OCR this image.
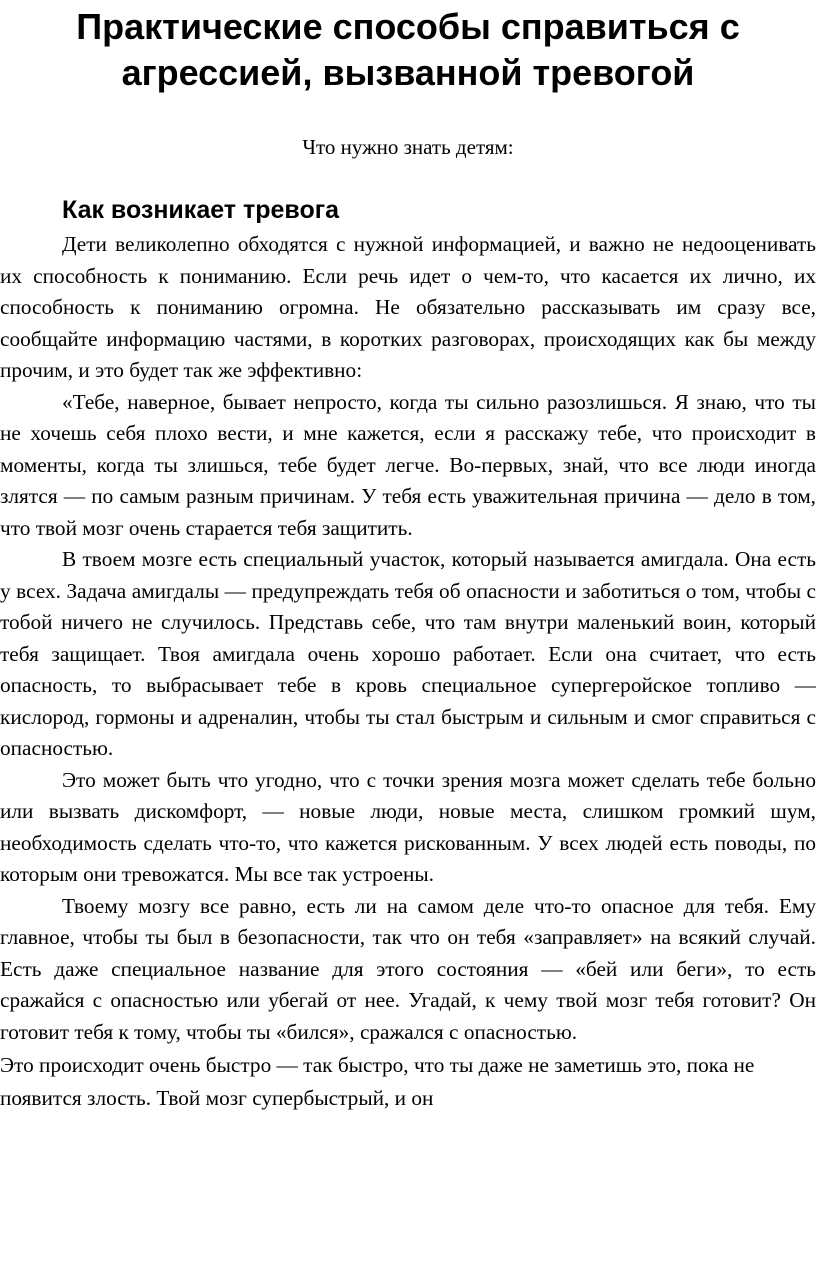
Практические способы справиться с
агрессией, вызванной тревогой
Что нужно знать детям:
Как возникает тревога

Дети великолепно обходятся с нужной информацией, и важно не недооценивать их способность к пониманию. Если речь идет о чем-то, что касается их лично, их способность к пониманию огромна. Не обязательно рассказывать им сразу все, сообщайте информацию частями, в коротких разговорах, происходящих как бы между прочим, и это будет так же эффективно:

«Тебе, наверное, бывает непросто, когда ты сильно разозлишься. Я знаю, что ты не хочешь себя плохо вести, и мне кажется, если я расскажу тебе, что происходит в моменты, когда ты злишься, тебе будет легче. Во-первых, знай, что все люди иногда злятся — по самым разным причинам. У тебя есть уважительная причина — дело в том, что твой мозг очень старается тебя защитить.

В твоем мозге есть специальный участок, который называется амигдала. Она есть у всех. Задача амигдалы — предупреждать тебя об опасности и заботиться о том, чтобы с тобой ничего не случилось. Представь себе, что там внутри маленький воин, который тебя защищает. Твоя амигдала очень хорошо работает. Если она считает, что есть опасность, то выбрасывает тебе в кровь специальное супергеройское топливо — кислород, гормоны и адреналин, чтобы ты стал быстрым и сильным и смог справиться с опасностью.

Это может быть что угодно, что с точки зрения мозга может сделать тебе больно или вызвать дискомфорт, — новые люди, новые места, слишком громкий шум, необходимость сделать что-то, что кажется рискованным. У всех людей есть поводы, по которым они тревожатся. Мы все так устроены.

Твоему мозгу все равно, есть ли на самом деле что-то опасное для тебя. Ему главное, чтобы ты был в безопасности, так что он тебя «заправляет» на всякий случай. Есть даже специальное название для этого состояния — «бей или беги», то есть сражайся с опасностью или убегай от нее. Угадай, к чему твой мозг тебя готовит? Он готовит тебя к тому, чтобы ты «бился», сражался с опасностью.

Это происходит очень быстро — так быстро, что ты даже не заметишь это, пока не появится злость. Твой мозг супербыстрый, и он
